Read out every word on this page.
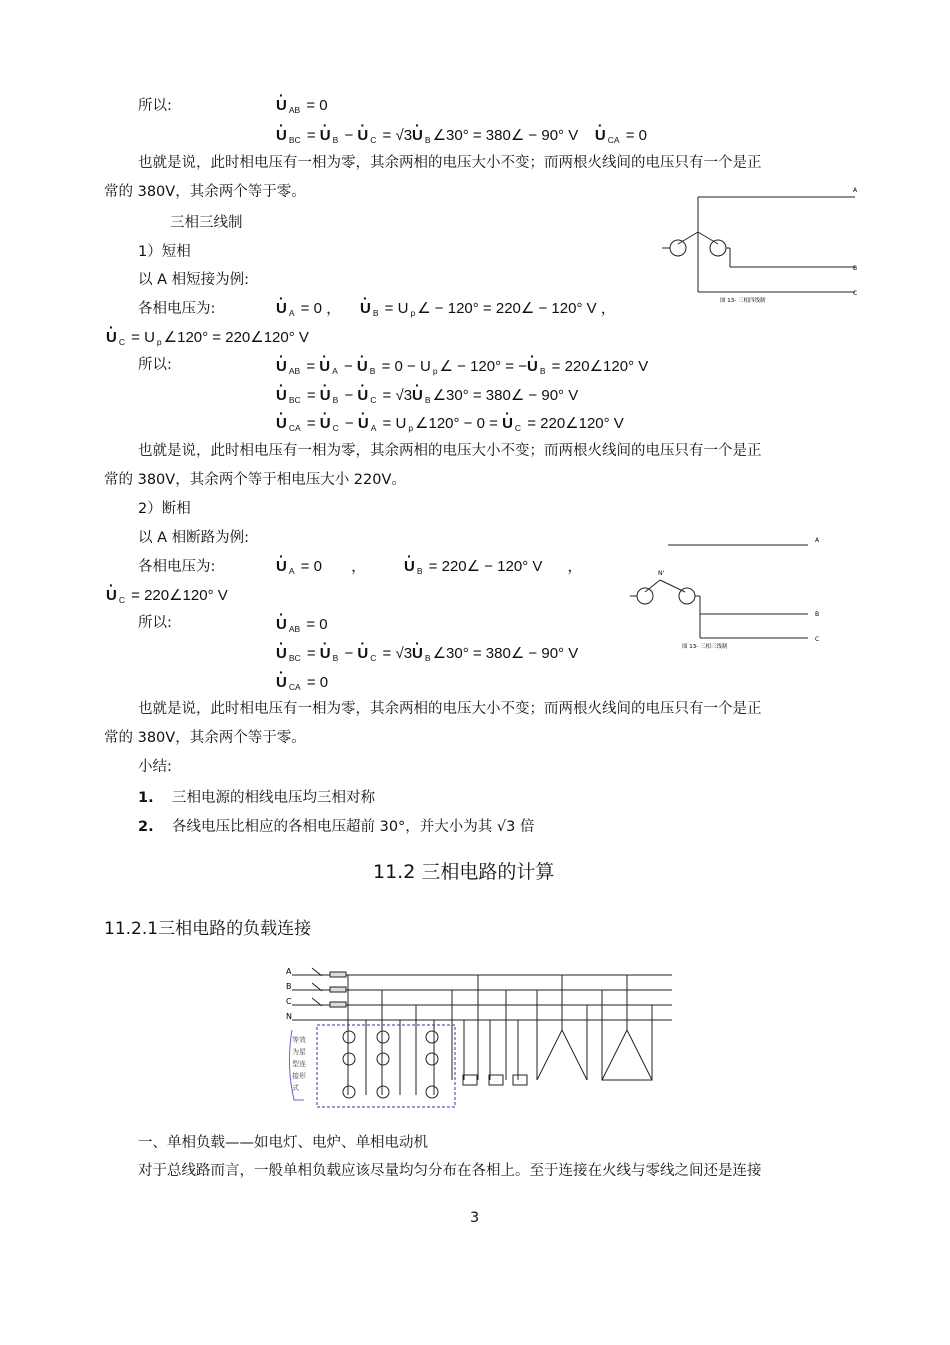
所以:	· U $_{AB}$ = 0
· U $_{BC}$ = · U $_B$ − · U $_C$ = √3· U $_B$ ∠30° = 380∠ − 90° V    · U $_{CA}$ = 0
也就是说，此时相电压有一相为零，其余两相的电压大小不变；而两根火线间的电压只有一个是正
常的 380V，其余两个等于零。
三相三线制
1）短相
以 A 相短接为例:
各相电压为:	· U $_A$ = 0 ， · U $_B$ = U $_p$ ∠ − 120° = 220∠ − 120° V ，
· U $_C$ = U $_p$ ∠120° = 220∠120° V
所以:	· U $_{AB}$ = · U $_A$ − · U $_B$ = 0 − U $_p$ ∠ − 120° = −· U $_B$ = 220∠120° V
· U $_{BC}$ = · U $_B$ − · U $_C$ = √3· U $_B$ ∠30° = 380∠ − 90° V
· U $_{CA}$ = · U $_C$ − · U $_A$ = U $_p$ ∠120° − 0 = · U $_C$ = 220∠120° V
也就是说，此时相电压有一相为零，其余两相的电压大小不变；而两根火线间的电压只有一个是正
常的 380V，其余两个等于相电压大小 220V。
2）断相
以 A 相断路为例:
各相电压为:	· U $_A$ = 0       ，	· U $_B$ = 220∠ − 120° V      ，
· U $_C$ = 220∠120° V
所以:	· U $_{AB}$ = 0
· U $_{BC}$ = · U $_B$ − · U $_C$ = √3· U $_B$ ∠30° = 380∠ − 90° V
· U $_{CA}$ = 0
也就是说，此时相电压有一相为零，其余两相的电压大小不变；而两根火线间的电压只有一个是正
常的 380V，其余两个等于零。
小结:
1. 三相电源的相线电压均三相对称
2. 各线电压比相应的各相电压超前 30°，并大小为其 √3 倍
11.2 三相电路的计算
11.2.1三相电路的负载连接
一、单相负载——如电灯、电炉、单相电动机
对于总线路而言，一般单相负载应该尽量均匀分布在各相上。至于连接在火线与零线之间还是连接
3
A
B
C
图 13- 三相四线制
N'
A
B
C
图 13- 三相三线制
A
B
C
N
等效 为星 型连 接形 式
